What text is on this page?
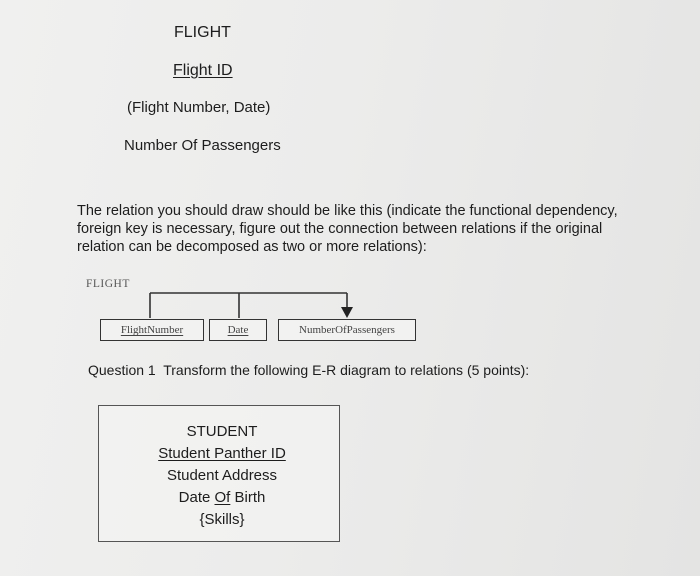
FLIGHT
Flight ID
(Flight Number, Date)
Number Of Passengers
The relation you should draw should be like this (indicate the functional dependency,
foreign key is necessary, figure out the connection between relations if the original
relation can be decomposed as two or more relations):
FLIGHT
FlightNumber	Date	NumberOfPassengers
Question 1  Transform the following E-R diagram to relations (5 points):
STUDENT
Student Panther ID
Student Address
Date Of Birth
{Skills}
